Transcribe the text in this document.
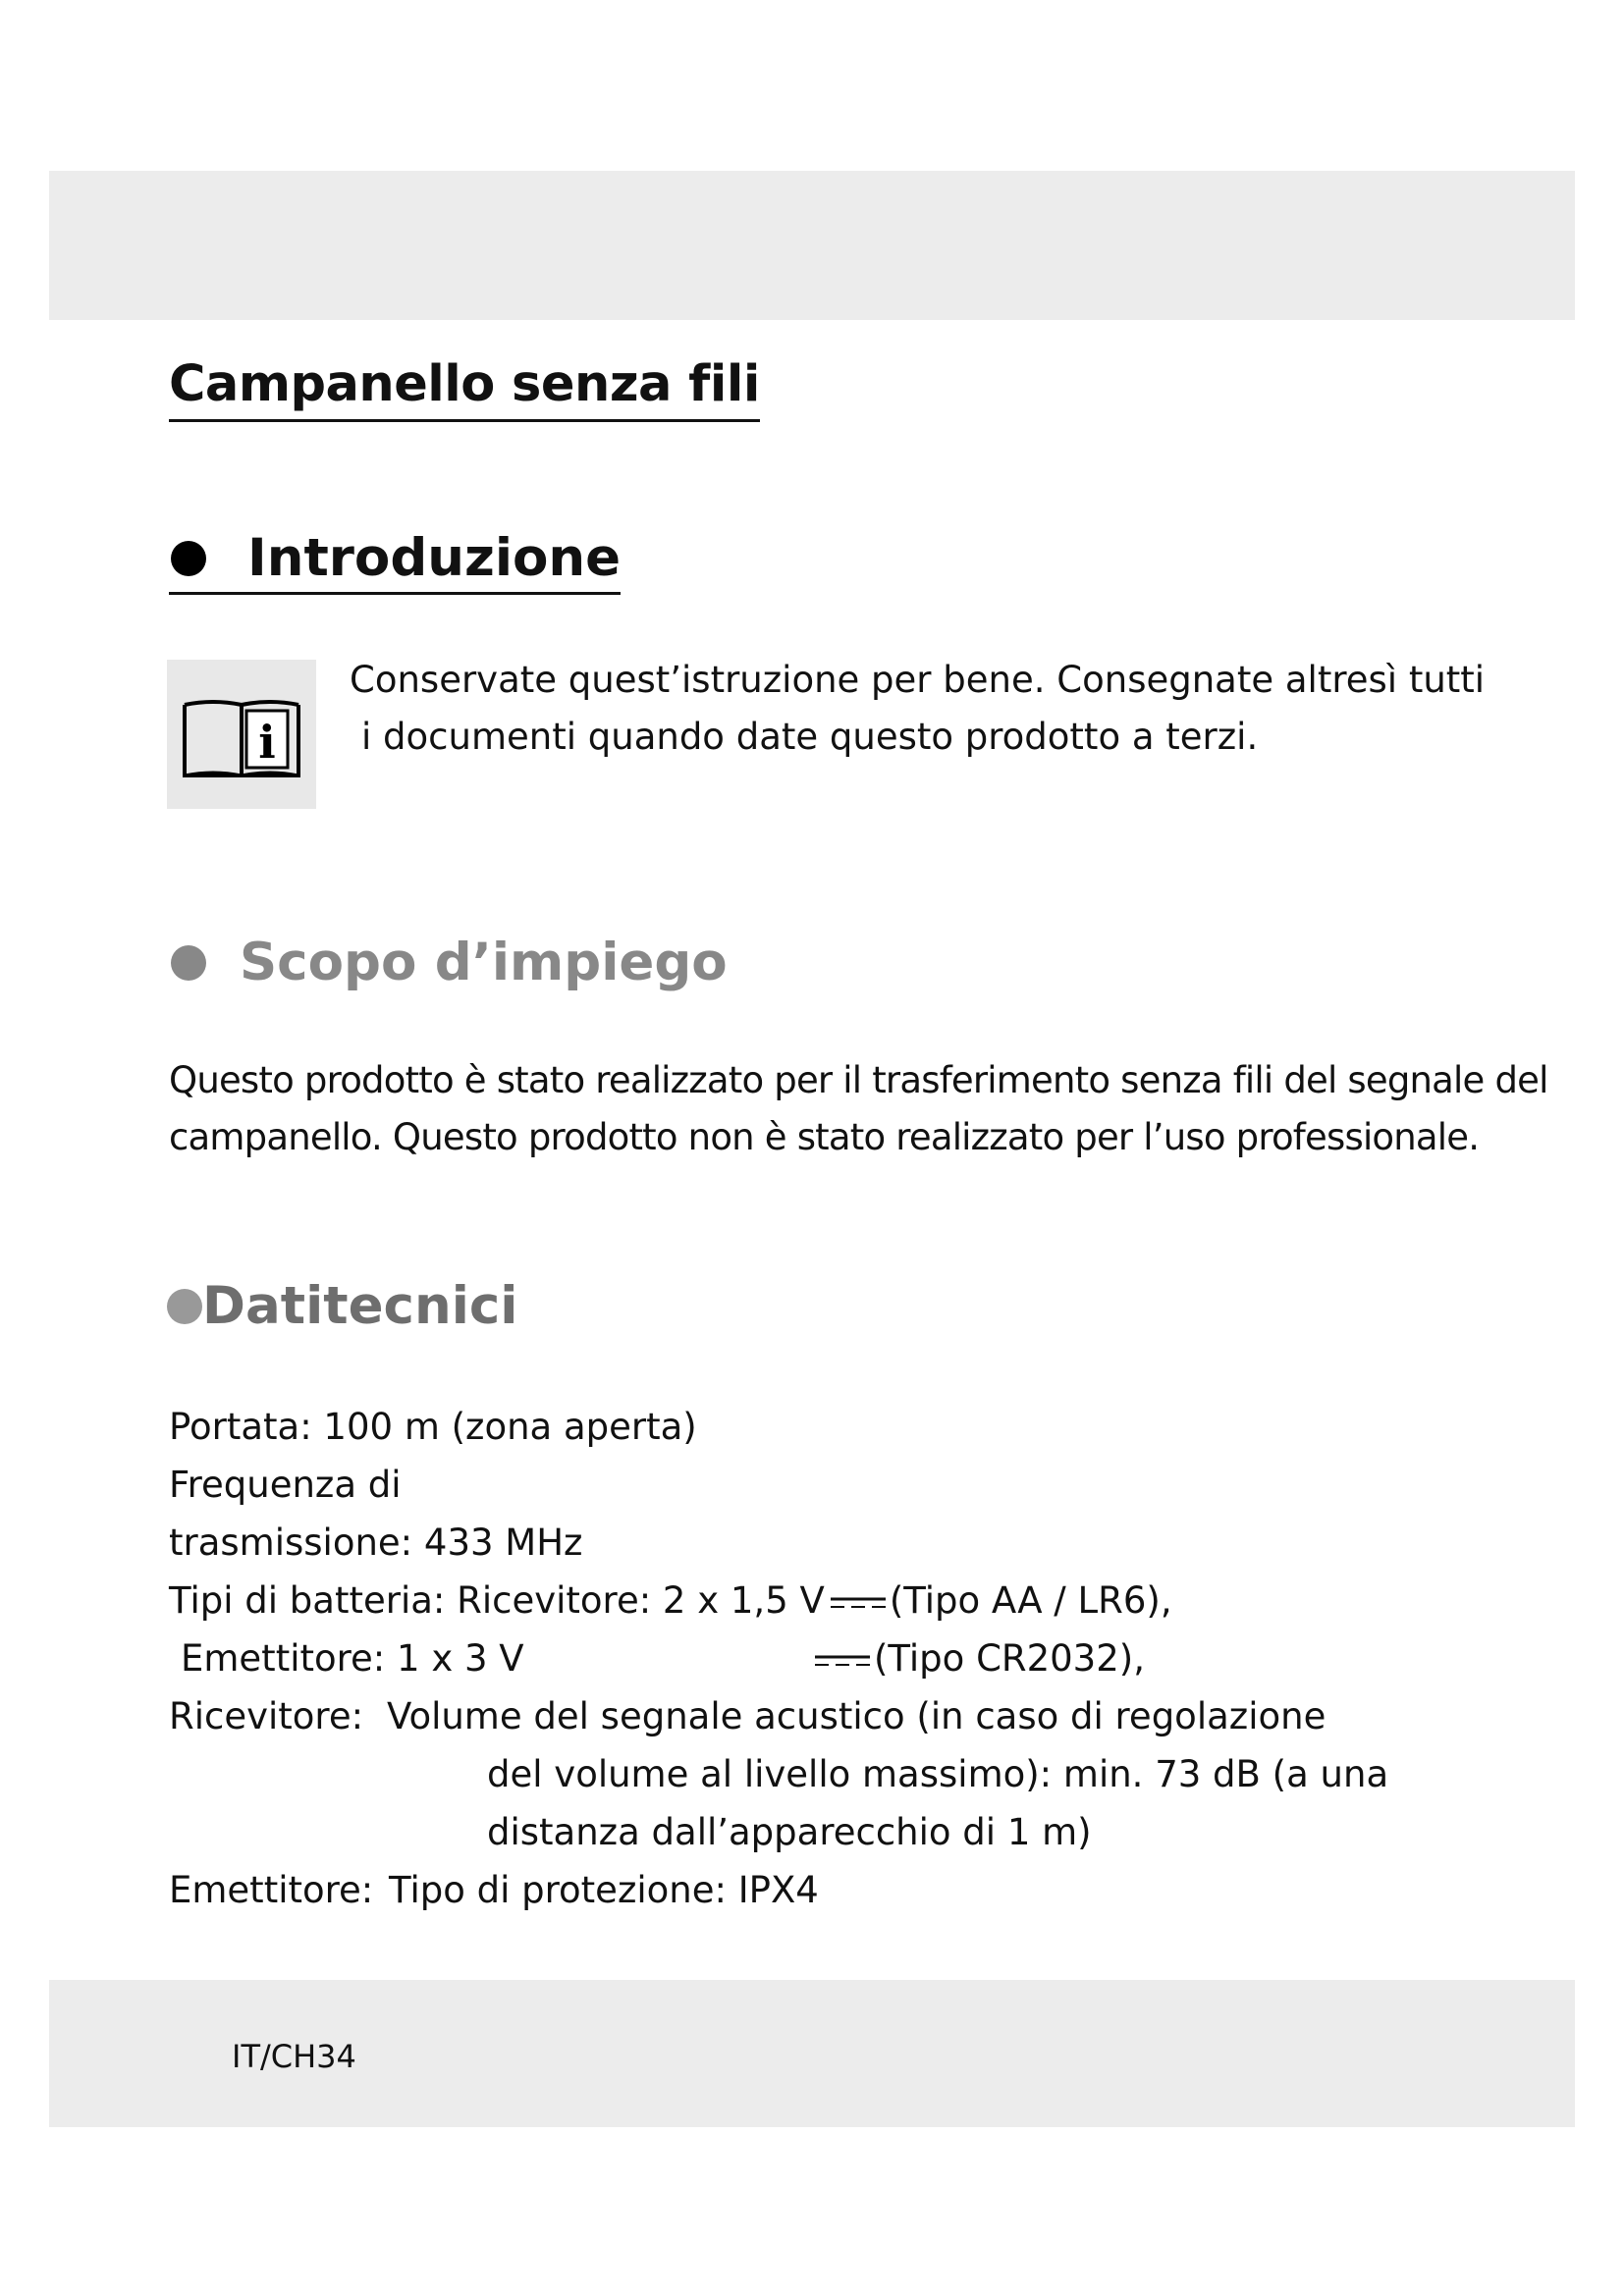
Campanello senza fili
Introduzione
i
Conservate quest’istruzione per bene. Consegnate altresì tutti
i documenti quando date questo prodotto a terzi.
Scopo d’impiego
Questo prodotto è stato realizzato per il trasferimento senza fili del segnale del
campanello. Questo prodotto non è stato realizzato per l’uso professionale.
Datitecnici
Portata: 100 m (zona aperta)
Frequenza di
trasmissione: 433 MHz
Tipi di batteria: Ricevitore: 2 x 1,5 V (Tipo AA / LR6),
Emettitore: 1 x 3 V	(Tipo CR2032),
Ricevitore: Volume del segnale acustico (in caso di regolazione
del volume al livello massimo): min. 73 dB (a una
distanza dall’apparecchio di 1 m)
Emettitore: Tipo di protezione: IPX4
IT/CH34
